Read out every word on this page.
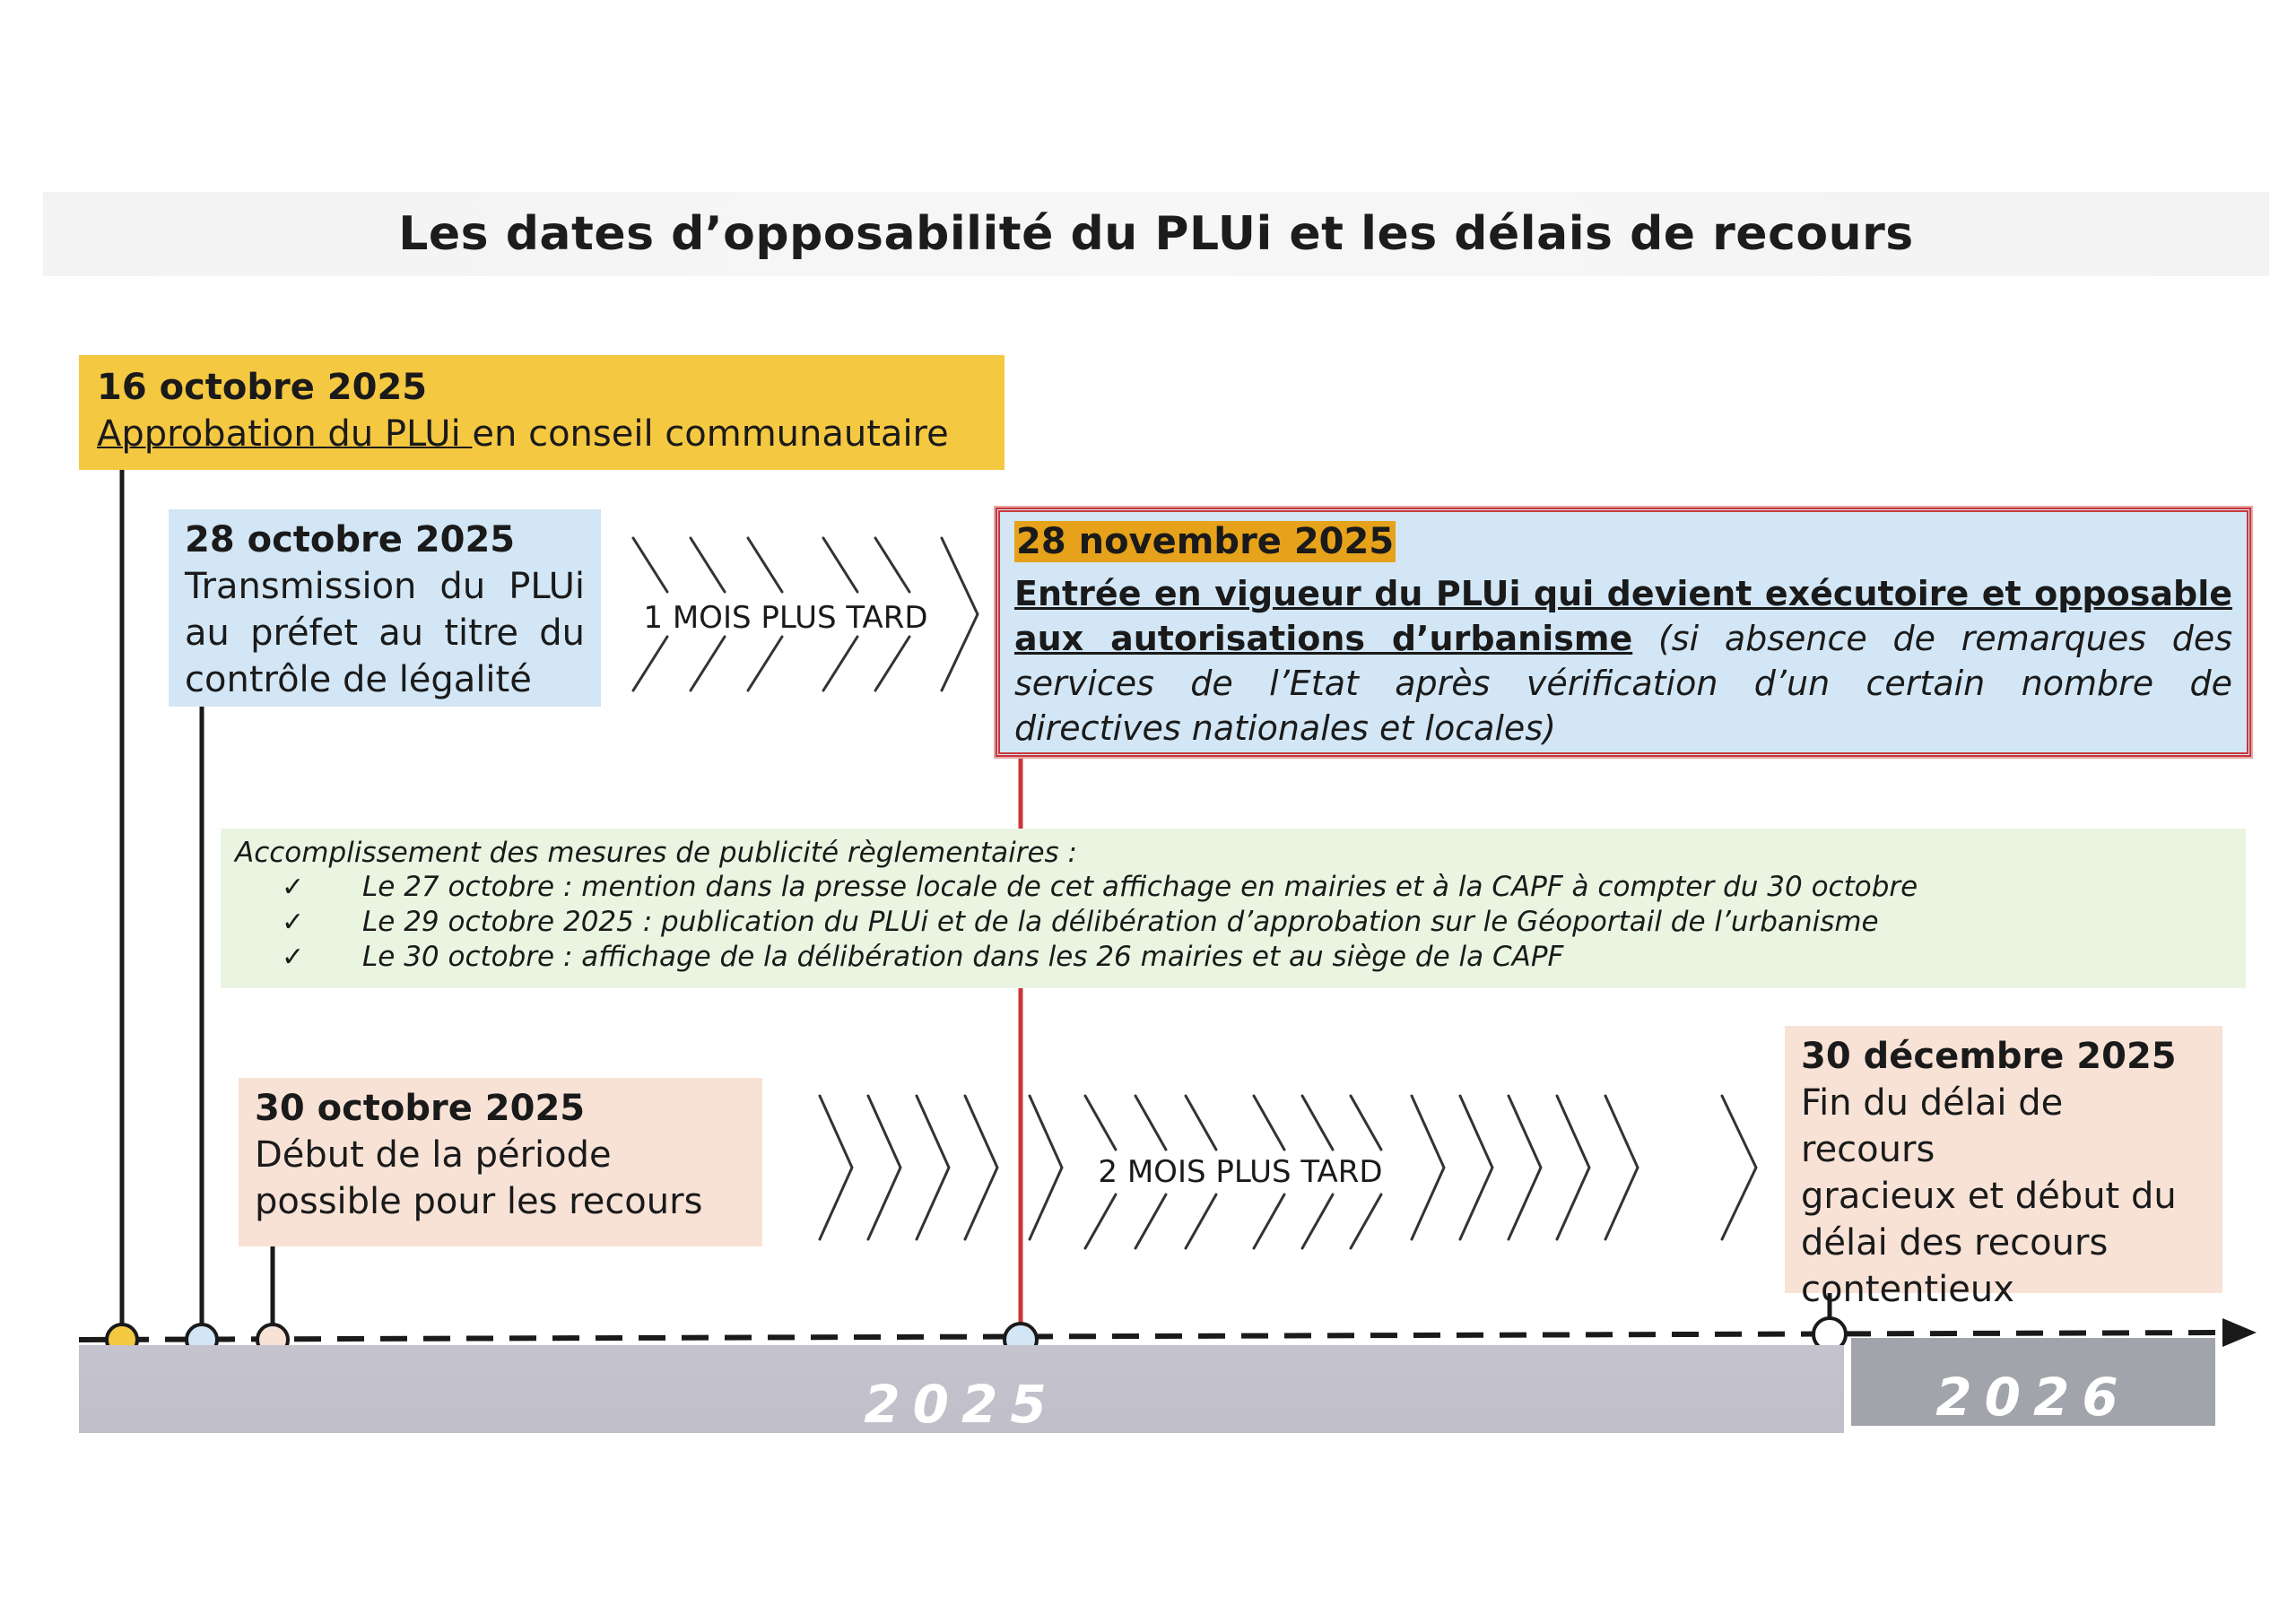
Les dates d’opposabilité du PLUi et les délais de recours
1 MOIS PLUS TARD
2 MOIS PLUS TARD
2025	2026
16 octobre 2025
Approbation du PLUi en conseil communautaire
28 octobre 2025
Transmission du PLUi
au préfet au titre du
contrôle de légalité
28 novembre 2025

Entrée en vigueur du PLUi qui devient exécutoire et opposable

aux autorisations d’urbanisme (si absence de remarques des

services de l’Etat après vérification d’un certain nombre de

directives nationales et locales)

Accomplissement des mesures de publicité règlementaires :
✓	Le 27 octobre : mention dans la presse locale de cet affichage en mairies et à la CAPF à compter du 30 octobre
✓	Le 29 octobre 2025 : publication du PLUi et de la délibération d’approbation sur le Géoportail de l’urbanisme
✓	Le 30 octobre : affichage de la délibération dans les 26 mairies et au siège de la CAPF
30 octobre 2025
Début de la période
possible pour les recours
30 décembre 2025
Fin du délai de recours
gracieux et début du
délai des recours
contentieux
